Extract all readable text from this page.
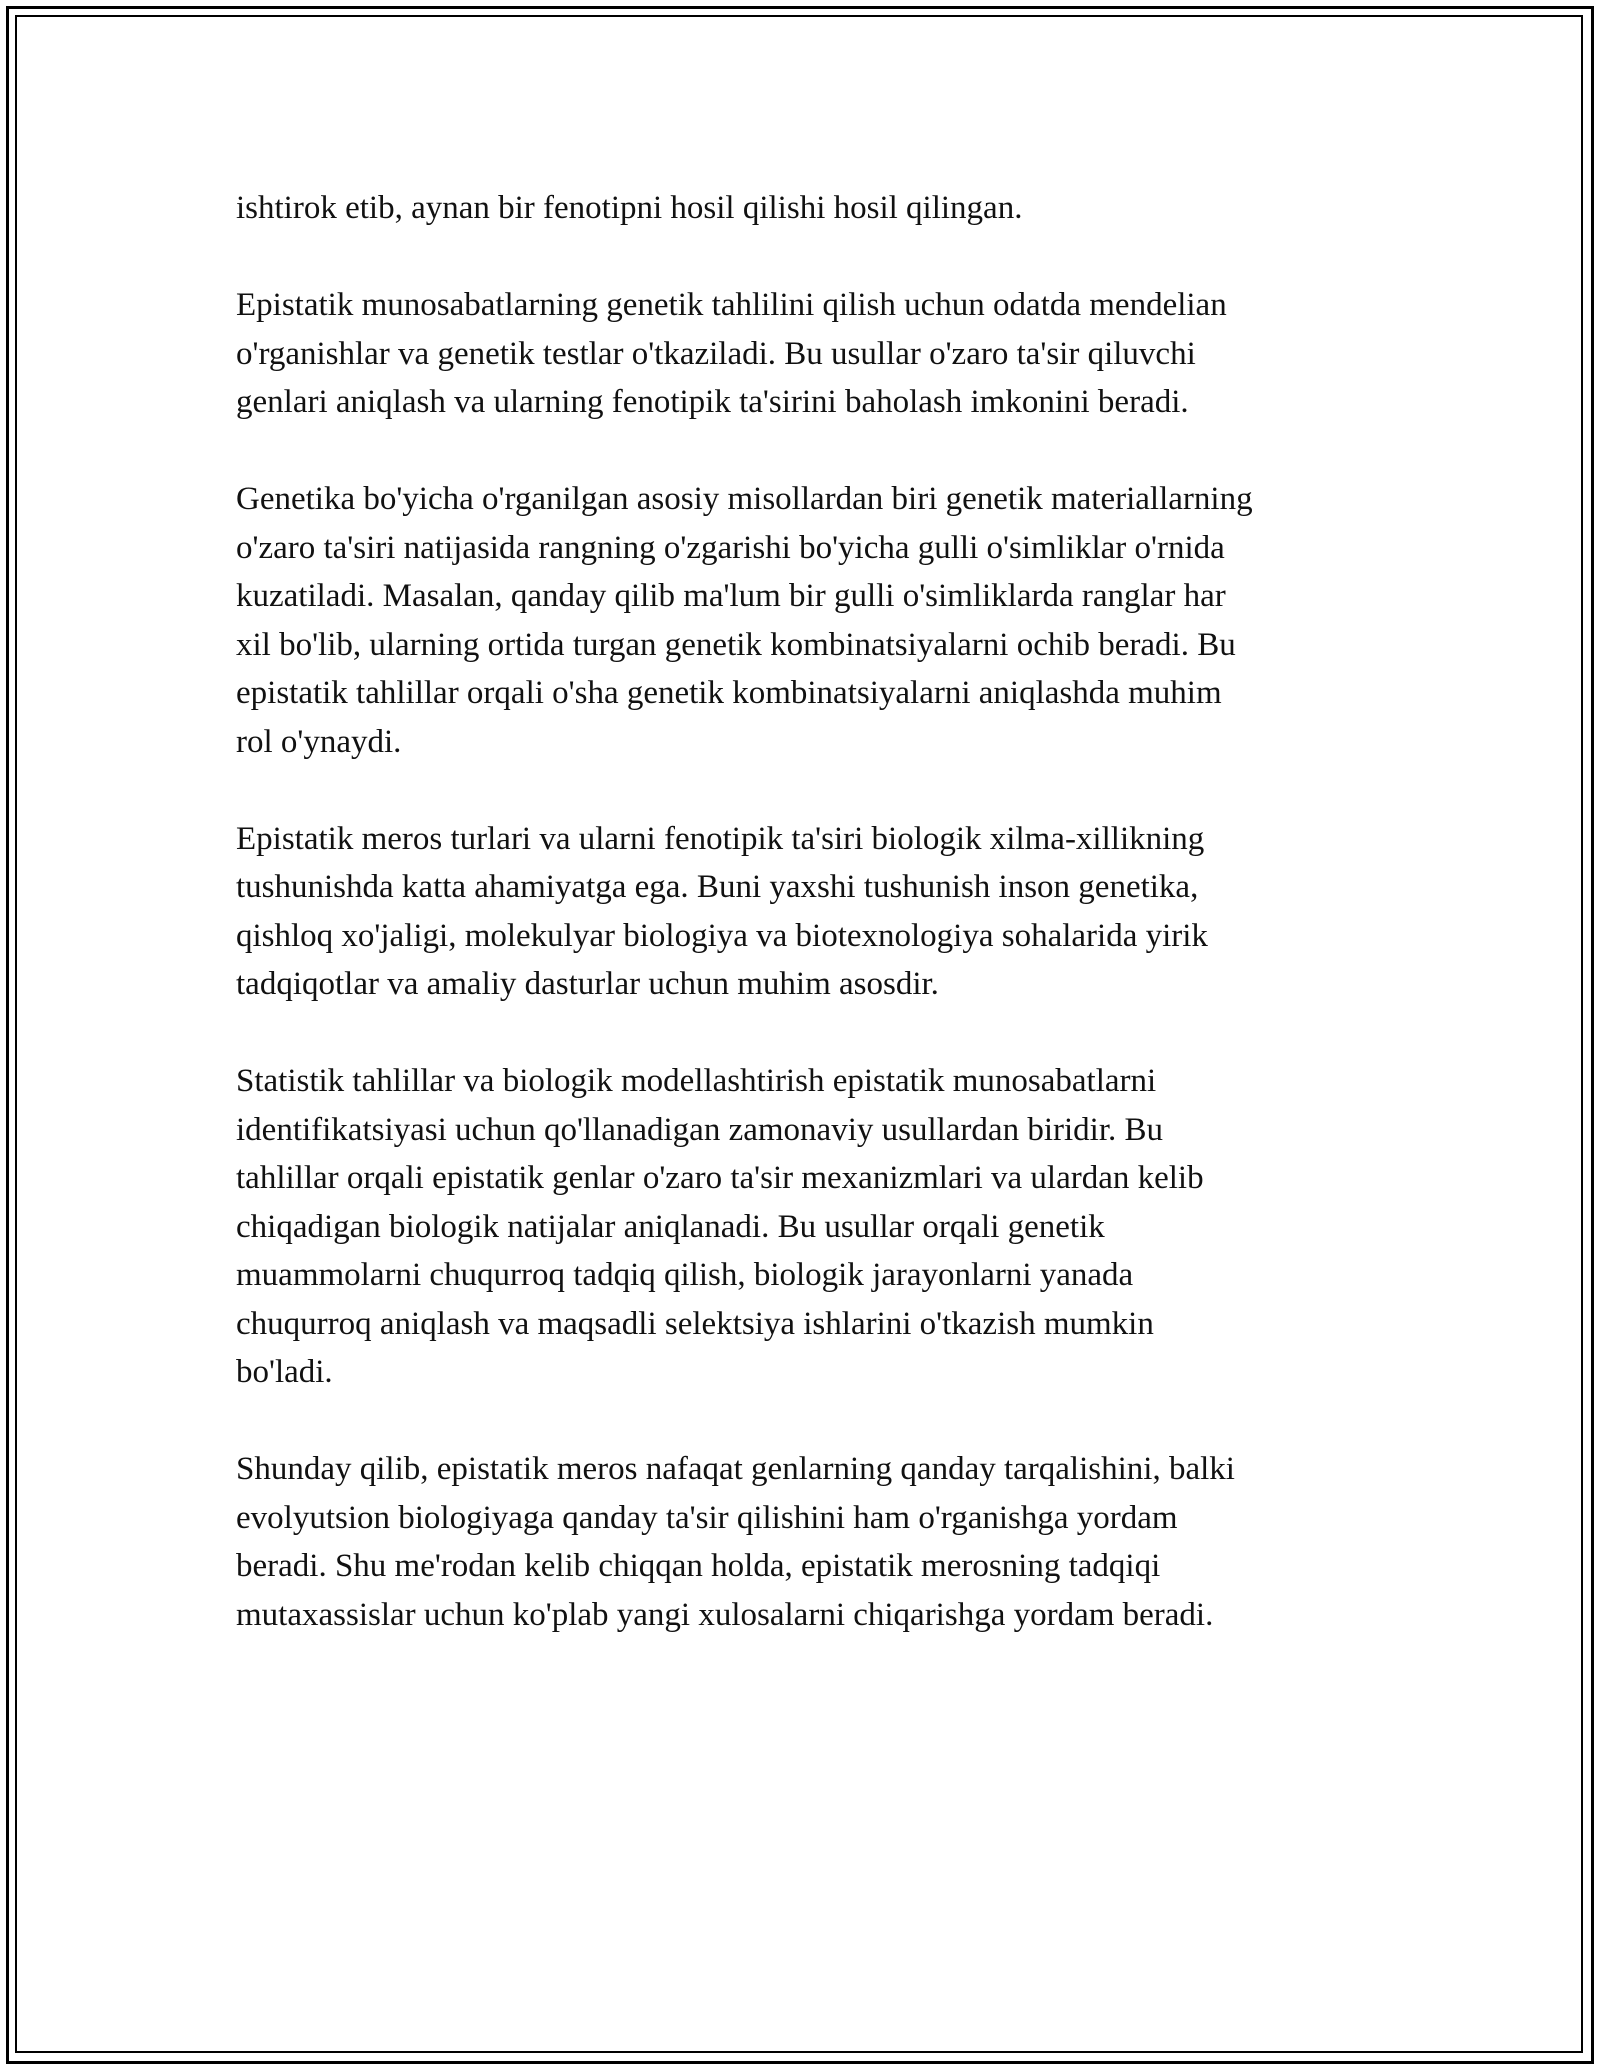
ishtirok etib, aynan bir fenotipni hosil qilishi hosil qilingan.

Epistatik munosabatlarning genetik tahlilini qilish uchun odatda mendelian
o'rganishlar va genetik testlar o'tkaziladi. Bu usullar o'zaro ta'sir qiluvchi
genlari aniqlash va ularning fenotipik ta'sirini baholash imkonini beradi.

Genetika bo'yicha o'rganilgan asosiy misollardan biri genetik materiallarning
o'zaro ta'siri natijasida rangning o'zgarishi bo'yicha gulli o'simliklar o'rnida
kuzatiladi. Masalan, qanday qilib ma'lum bir gulli o'simliklarda ranglar har
xil bo'lib, ularning ortida turgan genetik kombinatsiyalarni ochib beradi. Bu
epistatik tahlillar orqali o'sha genetik kombinatsiyalarni aniqlashda muhim
rol o'ynaydi.

Epistatik meros turlari va ularni fenotipik ta'siri biologik xilma-xillikning
tushunishda katta ahamiyatga ega. Buni yaxshi tushunish inson genetika,
qishloq xo'jaligi, molekulyar biologiya va biotexnologiya sohalarida yirik
tadqiqotlar va amaliy dasturlar uchun muhim asosdir.

Statistik tahlillar va biologik modellashtirish epistatik munosabatlarni
identifikatsiyasi uchun qo'llanadigan zamonaviy usullardan biridir. Bu
tahlillar orqali epistatik genlar o'zaro ta'sir mexanizmlari va ulardan kelib
chiqadigan biologik natijalar aniqlanadi. Bu usullar orqali genetik
muammolarni chuqurroq tadqiq qilish, biologik jarayonlarni yanada
chuqurroq aniqlash va maqsadli selektsiya ishlarini o'tkazish mumkin
bo'ladi.

Shunday qilib, epistatik meros nafaqat genlarning qanday tarqalishini, balki
evolyutsion biologiyaga qanday ta'sir qilishini ham o'rganishga yordam
beradi. Shu me'rodan kelib chiqqan holda, epistatik merosning tadqiqi
mutaxassislar uchun ko'plab yangi xulosalarni chiqarishga yordam beradi.
